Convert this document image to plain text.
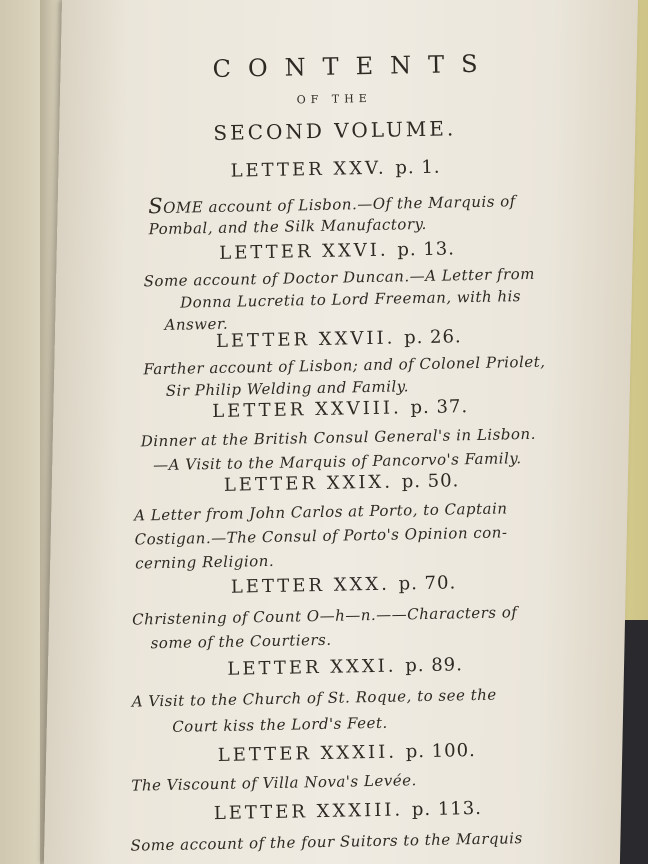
CONTENTS
OF THE
SECOND VOLUME.
LETTER XXV. p. 1.
SOME account of Lisbon.—Of the Marquis of
Pombal, and the Silk Manufactory.
LETTER XXVI. p. 13.
Some account of Doctor Duncan.—A Letter from
Donna Lucretia to Lord Freeman, with his
Answer.
LETTER XXVII. p. 26.
Farther account of Lisbon; and of Colonel Priolet,
Sir Philip Welding and Family.
LETTER XXVIII. p. 37.
Dinner at the British Consul General's in Lisbon.
—A Visit to the Marquis of Pancorvo's Family.
LETTER XXIX. p. 50.
A Letter from John Carlos at Porto, to Captain
Costigan.—The Consul of Porto's Opinion con-
cerning Religion.
LETTER XXX. p. 70.
Christening of Count O—h—n.——Characters of
some of the Courtiers.
LETTER XXXI. p. 89.
A Visit to the Church of St. Roque, to see the
Court kiss the Lord's Feet.
LETTER XXXII. p. 100.
The Viscount of Villa Nova's Levée.
LETTER XXXIII. p. 113.
Some account of the four Suitors to the Marquis
